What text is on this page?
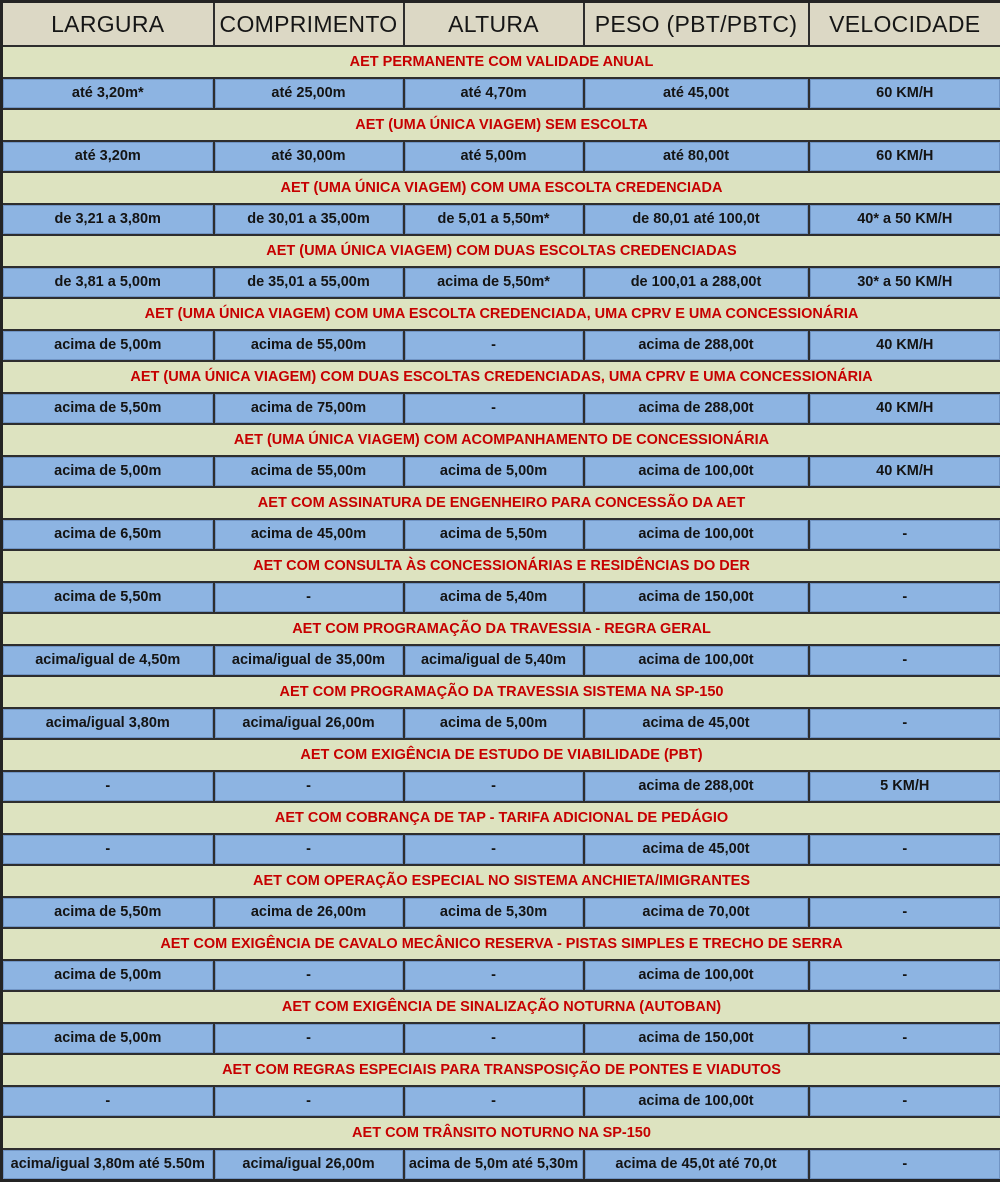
LARGURA	COMPRIMENTO	ALTURA	PESO (PBT/PBTC)	VELOCIDADE
AET PERMANENTE COM VALIDADE ANUAL				
até 3,20m*	até 25,00m	até 4,70m	até 45,00t	60 KM/H
AET (UMA ÚNICA VIAGEM) SEM ESCOLTA				
até 3,20m	até 30,00m	até 5,00m	até 80,00t	60 KM/H
AET (UMA ÚNICA VIAGEM) COM UMA ESCOLTA CREDENCIADA				
de 3,21 a 3,80m	de 30,01 a 35,00m	de 5,01 a 5,50m*	de 80,01 até 100,0t	40* a 50 KM/H
AET (UMA ÚNICA VIAGEM) COM DUAS ESCOLTAS CREDENCIADAS				
de 3,81 a 5,00m	de 35,01 a 55,00m	acima de 5,50m*	de 100,01 a 288,00t	30* a 50 KM/H
AET (UMA ÚNICA VIAGEM) COM UMA ESCOLTA CREDENCIADA, UMA CPRV E UMA CONCESSIONÁRIA				
acima de 5,00m	acima de 55,00m	-	acima de 288,00t	40 KM/H
AET (UMA ÚNICA VIAGEM) COM DUAS ESCOLTAS CREDENCIADAS, UMA CPRV E UMA CONCESSIONÁRIA				
acima de 5,50m	acima de 75,00m	-	acima de 288,00t	40 KM/H
AET (UMA ÚNICA VIAGEM) COM ACOMPANHAMENTO DE CONCESSIONÁRIA				
acima de 5,00m	acima de 55,00m	acima de 5,00m	acima de 100,00t	40 KM/H
AET COM ASSINATURA DE ENGENHEIRO PARA CONCESSÃO DA AET				
acima de 6,50m	acima de 45,00m	acima de 5,50m	acima de 100,00t	-
AET COM CONSULTA ÀS CONCESSIONÁRIAS E RESIDÊNCIAS DO DER				
acima de 5,50m	-	acima de 5,40m	acima de 150,00t	-
AET COM PROGRAMAÇÃO DA TRAVESSIA - REGRA GERAL				
acima/igual de 4,50m	acima/igual de 35,00m	acima/igual de 5,40m	acima de 100,00t	-
AET COM PROGRAMAÇÃO DA TRAVESSIA SISTEMA NA SP-150				
acima/igual 3,80m	acima/igual 26,00m	acima de 5,00m	acima de 45,00t	-
AET COM EXIGÊNCIA DE ESTUDO DE VIABILIDADE (PBT)				
-	-	-	acima de 288,00t	5 KM/H
AET COM COBRANÇA DE TAP - TARIFA ADICIONAL DE PEDÁGIO				
-	-	-	acima de 45,00t	-
AET COM OPERAÇÃO ESPECIAL NO SISTEMA ANCHIETA/IMIGRANTES				
acima de 5,50m	acima de 26,00m	acima de 5,30m	acima de 70,00t	-
AET COM EXIGÊNCIA DE CAVALO MECÂNICO RESERVA - PISTAS SIMPLES E TRECHO DE SERRA				
acima de 5,00m	-	-	acima de 100,00t	-
AET COM EXIGÊNCIA DE SINALIZAÇÃO NOTURNA (AUTOBAN)				
acima de 5,00m	-	-	acima de 150,00t	-
AET COM REGRAS ESPECIAIS PARA TRANSPOSIÇÃO DE PONTES E VIADUTOS				
-	-	-	acima de 100,00t	-
AET COM TRÂNSITO NOTURNO NA SP-150				
acima/igual 3,80m até 5.50m	acima/igual 26,00m	acima de 5,0m até 5,30m	acima de 45,0t até 70,0t	-
